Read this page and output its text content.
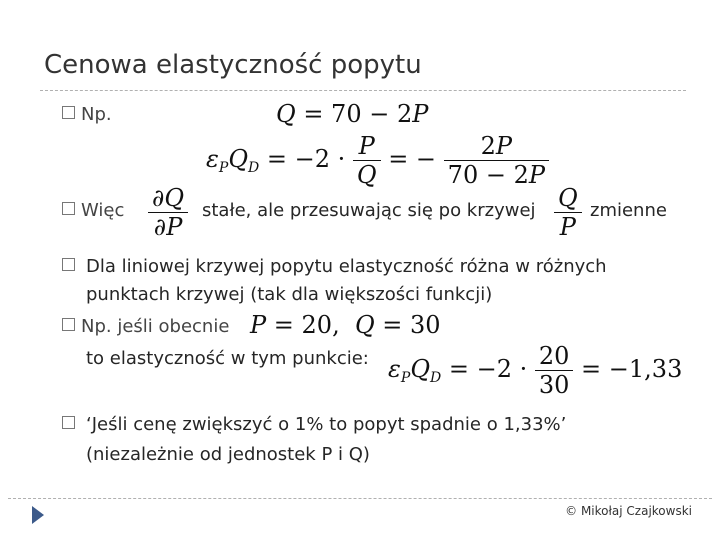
Cenowa elastyczność popytu
Np.	Q = 70 − 2P
$\varepsilon_PQ_D = -2 \cdot \frac{P}{Q}$ = − $\frac{2P}{70 - 2P}$
Więc $\frac{\partial Q}{\partial P}$ stałe, ale przesuwając się po krzywej $\frac{Q}{P}$ zmienne
Dla liniowej krzywej popytu elastyczność różna w różnych
punktach krzywej (tak dla większości funkcji)
Np. jeśli obecnie P = 20,  Q = 30
to elastyczność w tym punkcie: $\varepsilon_PQ_D = -2 \cdot \frac{20}{30} = -1,33$
‘Jeśli cenę zwiększyć o 1% to popyt spadnie o 1,33%’
(niezależnie od jednostek P i Q)
© Mikołaj Czajkowski
